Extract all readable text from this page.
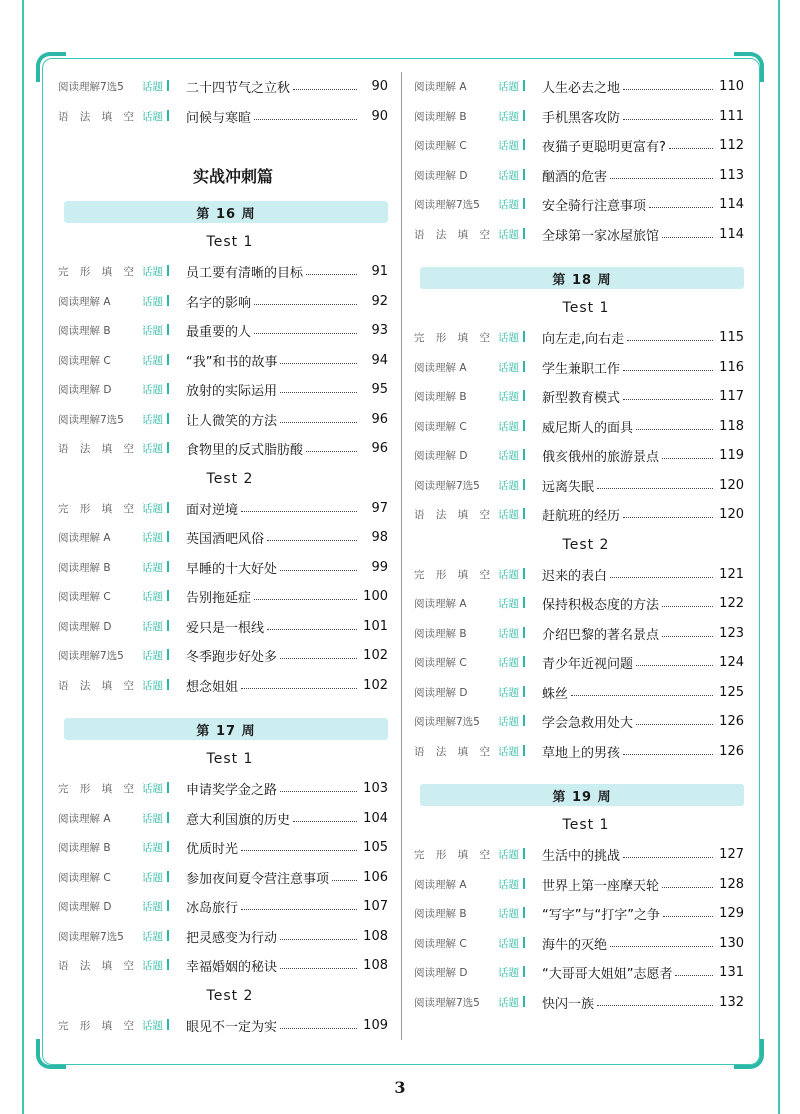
阅读理解7选5	话题	二十四节气之立秋	90
语 法 填 空 话题	问候与寒暄	90
实战冲刺篇
第 16 周
Test 1
完 形 填 空 话题	员工要有清晰的目标	91
阅读理解 A	话题	名字的影响	92
阅读理解 B	话题	最重要的人	93
阅读理解 C	话题	“我”和书的故事	94
阅读理解 D	话题	放射的实际运用	95
阅读理解7选5	话题	让人微笑的方法	96
语 法 填 空 话题	食物里的反式脂肪酸	96
Test 2
完 形 填 空 话题	面对逆境	97
阅读理解 A	话题	英国酒吧风俗	98
阅读理解 B	话题	早睡的十大好处	99
阅读理解 C	话题	告别拖延症	100
阅读理解 D	话题	爱只是一根线	101
阅读理解7选5	话题	冬季跑步好处多	102
语 法 填 空 话题	想念姐姐	102
第 17 周
Test 1
完 形 填 空 话题	申请奖学金之路	103
阅读理解 A	话题	意大利国旗的历史	104
阅读理解 B	话题	优质时光	105
阅读理解 C	话题	参加夜间夏令营注意事项	106
阅读理解 D	话题	冰岛旅行	107
阅读理解7选5	话题	把灵感变为行动	108
语 法 填 空 话题	幸福婚姻的秘诀	108
Test 2
完 形 填 空 话题	眼见不一定为实	109
阅读理解 A	话题	人生必去之地	110
阅读理解 B	话题	手机黑客攻防	111
阅读理解 C	话题	夜猫子更聪明更富有?	112
阅读理解 D	话题	酗酒的危害	113
阅读理解7选5	话题	安全骑行注意事项	114
语 法 填 空 话题	全球第一家冰屋旅馆	114
第 18 周
Test 1
完 形 填 空 话题	向左走,向右走	115
阅读理解 A	话题	学生兼职工作	116
阅读理解 B	话题	新型教育模式	117
阅读理解 C	话题	威尼斯人的面具	118
阅读理解 D	话题	俄亥俄州的旅游景点	119
阅读理解7选5	话题	远离失眠	120
语 法 填 空 话题	赶航班的经历	120
Test 2
完 形 填 空 话题	迟来的表白	121
阅读理解 A	话题	保持积极态度的方法	122
阅读理解 B	话题	介绍巴黎的著名景点	123
阅读理解 C	话题	青少年近视问题	124
阅读理解 D	话题	蛛丝	125
阅读理解7选5	话题	学会急救用处大	126
语 法 填 空 话题	草地上的男孩	126
第 19 周
Test 1
完 形 填 空 话题	生活中的挑战	127
阅读理解 A	话题	世界上第一座摩天轮	128
阅读理解 B	话题	“写字”与“打字”之争	129
阅读理解 C	话题	海牛的灭绝	130
阅读理解 D	话题	“大哥哥大姐姐”志愿者	131
阅读理解7选5	话题	快闪一族	132
3
